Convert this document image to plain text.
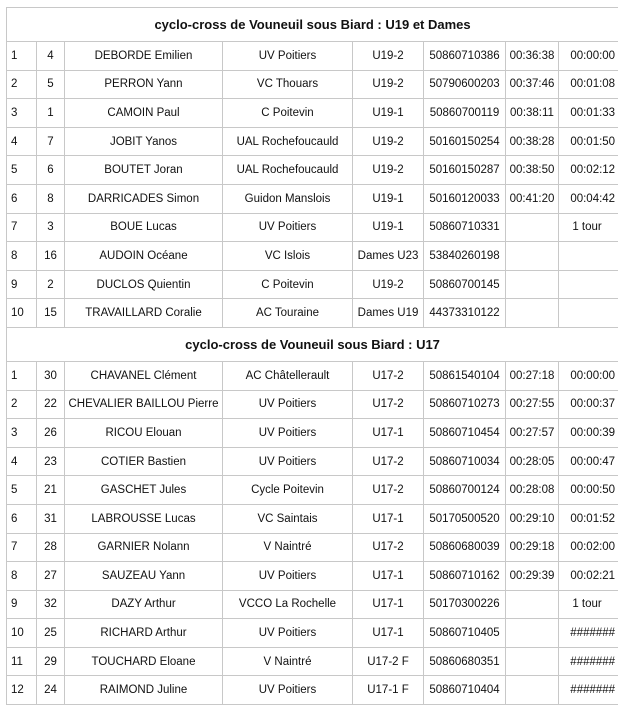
cyclo-cross de Vouneuil sous Biard : U19 et Dames							
1	4	DEBORDE Emilien	UV Poitiers	U19-2	50860710386	00:36:38	00:00:00
2	5	PERRON Yann	VC Thouars	U19-2	50790600203	00:37:46	00:01:08
3	1	CAMOIN Paul	C Poitevin	U19-1	50860700119	00:38:11	00:01:33
4	7	JOBIT Yanos	UAL Rochefoucauld	U19-2	50160150254	00:38:28	00:01:50
5	6	BOUTET Joran	UAL Rochefoucauld	U19-2	50160150287	00:38:50	00:02:12
6	8	DARRICADES Simon	Guidon Manslois	U19-1	50160120033	00:41:20	00:04:42
7	3	BOUE Lucas	UV Poitiers	U19-1	50860710331		1 tour
8	16	AUDOIN Océane	VC Islois	Dames U23	53840260198		
9	2	DUCLOS Quientin	C Poitevin	U19-2	50860700145		
10	15	TRAVAILLARD Coralie	AC Touraine	Dames U19	44373310122		
cyclo-cross de Vouneuil sous Biard : U17							
1	30	CHAVANEL Clément	AC Châtellerault	U17-2	50861540104	00:27:18	00:00:00
2	22	CHEVALIER BAILLOU Pierre	UV Poitiers	U17-2	50860710273	00:27:55	00:00:37
3	26	RICOU Elouan	UV Poitiers	U17-1	50860710454	00:27:57	00:00:39
4	23	COTIER Bastien	UV Poitiers	U17-2	50860710034	00:28:05	00:00:47
5	21	GASCHET Jules	Cycle Poitevin	U17-2	50860700124	00:28:08	00:00:50
6	31	LABROUSSE Lucas	VC Saintais	U17-1	50170500520	00:29:10	00:01:52
7	28	GARNIER Nolann	V Naintré	U17-2	50860680039	00:29:18	00:02:00
8	27	SAUZEAU Yann	UV Poitiers	U17-1	50860710162	00:29:39	00:02:21
9	32	DAZY Arthur	VCCO La Rochelle	U17-1	50170300226		1 tour
10	25	RICHARD Arthur	UV Poitiers	U17-1	50860710405		#######
11	29	TOUCHARD Eloane	V Naintré	U17-2 F	50860680351		#######
12	24	RAIMOND Juline	UV Poitiers	U17-1 F	50860710404		#######
